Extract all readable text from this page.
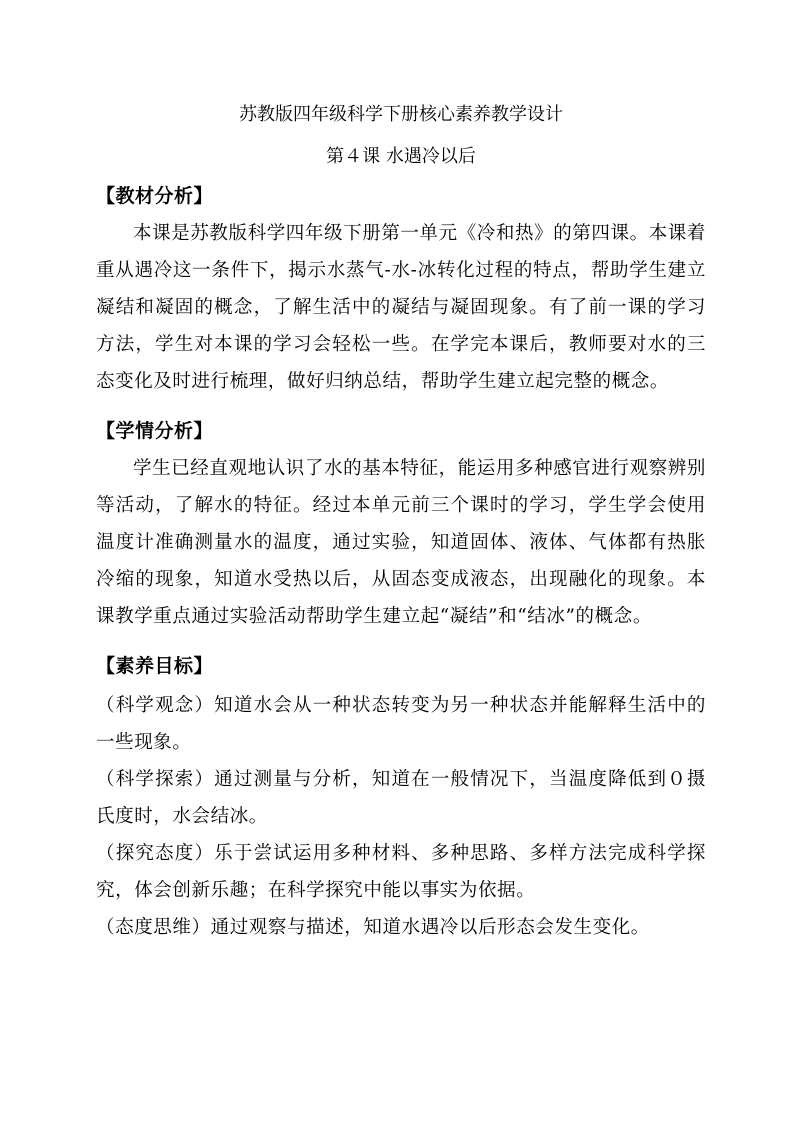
苏教版四年级科学下册核心素养教学设计

第４课 水遇冷以后

【教材分析】

本课是苏教版科学四年级下册第一单元《冷和热》的第四课。本课着重从遇冷这一条件下，揭示水蒸气-水-冰转化过程的特点，帮助学生建立凝结和凝固的概念，了解生活中的凝结与凝固现象。有了前一课的学习方法，学生对本课的学习会轻松一些。在学完本课后，教师要对水的三态变化及时进行梳理，做好归纳总结，帮助学生建立起完整的概念。

【学情分析】

学生已经直观地认识了水的基本特征，能运用多种感官进行观察辨别等活动，了解水的特征。经过本单元前三个课时的学习，学生学会使用温度计准确测量水的温度，通过实验，知道固体、液体、气体都有热胀冷缩的现象，知道水受热以后，从固态变成液态，出现融化的现象。本课教学重点通过实验活动帮助学生建立起“凝结”和“结冰”的概念。

【素养目标】

（科学观念）知道水会从一种状态转变为另一种状态并能解释生活中的一些现象。

（科学探索）通过测量与分析，知道在一般情况下，当温度降低到０摄氏度时，水会结冰。

（探究态度）乐于尝试运用多种材料、多种思路、多样方法完成科学探究，体会创新乐趣；在科学探究中能以事实为依据。

（态度思维）通过观察与描述，知道水遇冷以后形态会发生变化。
